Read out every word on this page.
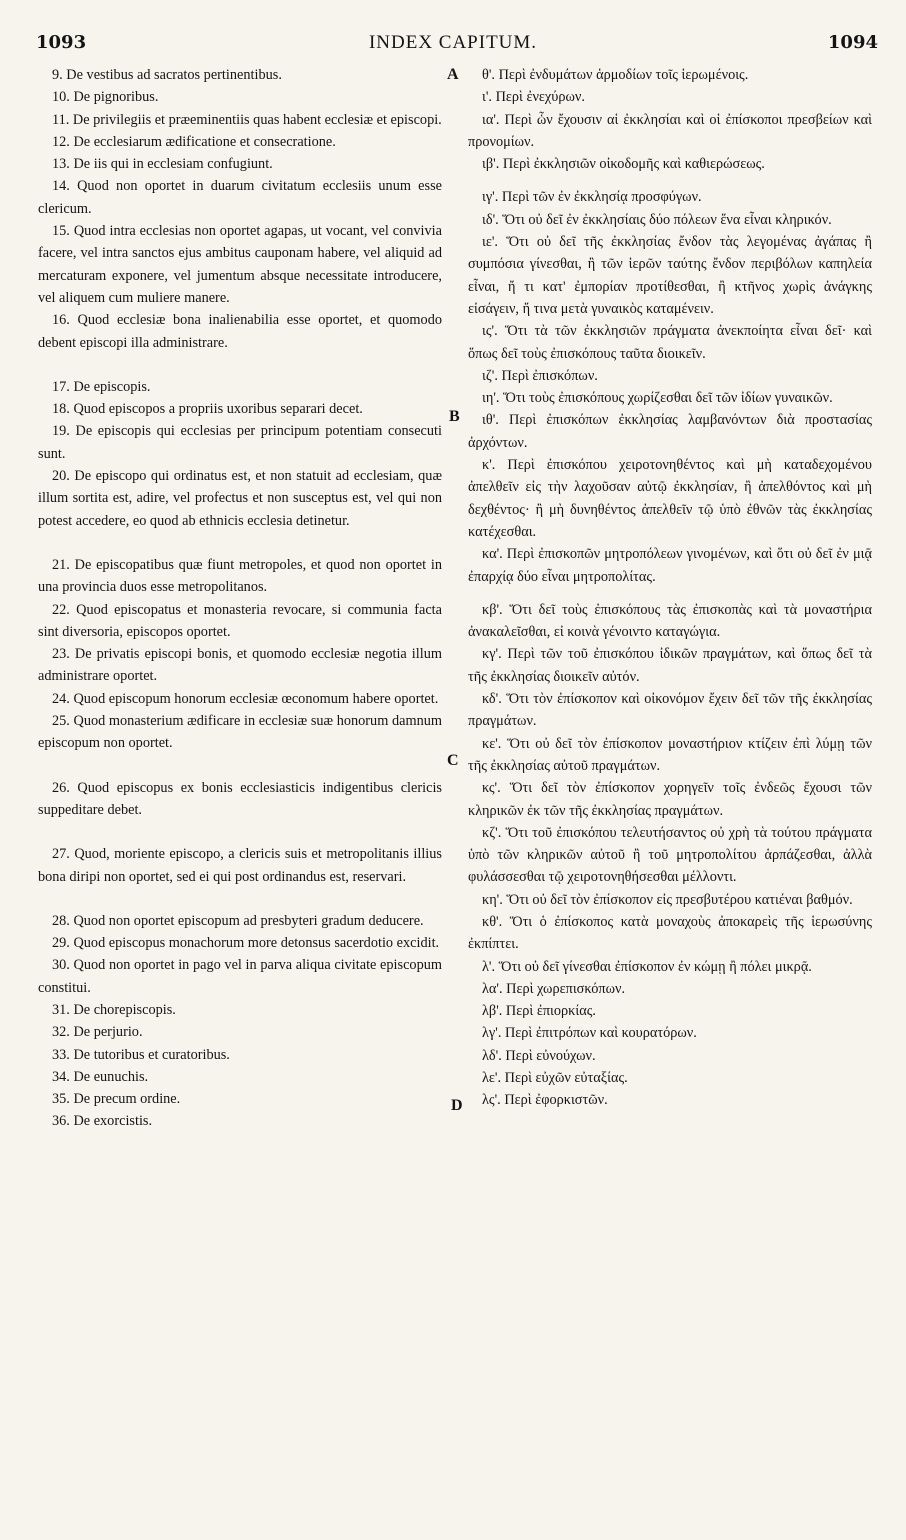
1093	INDEX CAPITUM.	1094
A
B
C
D
9. De vestibus ad sacratos pertinentibus.
10. De pignoribus.
11. De privilegiis et præeminentiis quas habent ecclesiæ et episcopi.
12. De ecclesiarum ædificatione et consecratione.
13. De iis qui in ecclesiam confugiunt.
14. Quod non oportet in duarum civitatum ecclesiis unum esse clericum.
15. Quod intra ecclesias non oportet agapas, ut vocant, vel convivia facere, vel intra sanctos ejus ambitus cauponam habere, vel aliquid ad mercaturam exponere, vel jumentum absque necessitate introducere, vel aliquem cum muliere manere.
16. Quod ecclesiæ bona inalienabilia esse oportet, et quomodo debent episcopi illa administrare.
17. De episcopis.
18. Quod episcopos a propriis uxoribus separari decet.
19. De episcopis qui ecclesias per principum potentiam consecuti sunt.
20. De episcopo qui ordinatus est, et non statuit ad ecclesiam, quæ illum sortita est, adire, vel profectus et non susceptus est, vel qui non potest accedere, eo quod ab ethnicis ecclesia detinetur.
21. De episcopatibus quæ fiunt metropoles, et quod non oportet in una provincia duos esse metropolitanos.
22. Quod episcopatus et monasteria revocare, si communia facta sint diversoria, episcopos oportet.
23. De privatis episcopi bonis, et quomodo ecclesiæ negotia illum administrare oportet.
24. Quod episcopum honorum ecclesiæ œconomum habere oportet.
25. Quod monasterium ædificare in ecclesiæ suæ honorum damnum episcopum non oportet.
26. Quod episcopus ex bonis ecclesiasticis indigentibus clericis suppeditare debet.
27. Quod, moriente episcopo, a clericis suis et metropolitanis illius bona diripi non oportet, sed ei qui post ordinandus est, reservari.
28. Quod non oportet episcopum ad presbyteri gradum deducere.
29. Quod episcopus monachorum more detonsus sacerdotio excidit.
30. Quod non oportet in pago vel in parva aliqua civitate episcopum constitui.
31. De chorepiscopis.
32. De perjurio.
33. De tutoribus et curatoribus.
34. De eunuchis.
35. De precum ordine.
36. De exorcistis.
θ'. Περὶ ἐνδυμάτων ἁρμοδίων τοῖς ἱερωμένοις.
ι'. Περὶ ἐνεχύρων.
ια'. Περὶ ὧν ἔχουσιν αἱ ἐκκλησίαι καὶ οἱ ἐπίσκοποι πρεσβείων καὶ προνομίων.
ιβ'. Περὶ ἐκκλησιῶν οἰκοδομῆς καὶ καθιερώσεως.
ιγ'. Περὶ τῶν ἐν ἐκκλησίᾳ προσφύγων.
ιδ'. Ὅτι οὐ δεῖ ἐν ἐκκλησίαις δύο πόλεων ἕνα εἶναι κληρικόν.
ιε'. Ὅτι οὐ δεῖ τῆς ἐκκλησίας ἔνδον τὰς λεγομένας ἀγάπας ἢ συμπόσια γίνεσθαι, ἢ τῶν ἱερῶν ταύτης ἔνδον περιβόλων καπηλεία εἶναι, ἤ τι κατ' ἐμπορίαν προτίθεσθαι, ἢ κτῆνος χωρὶς ἀνάγκης εἰσάγειν, ἤ τινα μετὰ γυναικὸς καταμένειν.
ις'. Ὅτι τὰ τῶν ἐκκλησιῶν πράγματα ἀνεκποίητα εἶναι δεῖ· καὶ ὅπως δεῖ τοὺς ἐπισκόπους ταῦτα διοικεῖν.
ιζ'. Περὶ ἐπισκόπων.
ιη'. Ὅτι τοὺς ἐπισκόπους χωρίζεσθαι δεῖ τῶν ἰδίων γυναικῶν.
ιθ'. Περὶ ἐπισκόπων ἐκκλησίας λαμβανόντων διὰ προστασίας ἀρχόντων.
κ'. Περὶ ἐπισκόπου χειροτονηθέντος καὶ μὴ καταδεχομένου ἀπελθεῖν εἰς τὴν λαχοῦσαν αὐτῷ ἐκκλησίαν, ἢ ἀπελθόντος καὶ μὴ δεχθέντος· ἢ μὴ δυνηθέντος ἀπελθεῖν τῷ ὑπὸ ἐθνῶν τὰς ἐκκλησίας κατέχεσθαι.
κα'. Περὶ ἐπισκοπῶν μητροπόλεων γινομένων, καὶ ὅτι οὐ δεῖ ἐν μιᾷ ἐπαρχίᾳ δύο εἶναι μητροπολίτας.
κβ'. Ὅτι δεῖ τοὺς ἐπισκόπους τὰς ἐπισκοπὰς καὶ τὰ μοναστήρια ἀνακαλεῖσθαι, εἰ κοινὰ γένοιντο καταγώγια.
κγ'. Περὶ τῶν τοῦ ἐπισκόπου ἰδικῶν πραγμάτων, καὶ ὅπως δεῖ τὰ τῆς ἐκκλησίας διοικεῖν αὐτόν.
κδ'. Ὅτι τὸν ἐπίσκοπον καὶ οἰκονόμον ἔχειν δεῖ τῶν τῆς ἐκκλησίας πραγμάτων.
κε'. Ὅτι οὐ δεῖ τὸν ἐπίσκοπον μοναστήριον κτίζειν ἐπὶ λύμῃ τῶν τῆς ἐκκλησίας αὐτοῦ πραγμάτων.
κς'. Ὅτι δεῖ τὸν ἐπίσκοπον χορηγεῖν τοῖς ἐνδεῶς ἔχουσι τῶν κληρικῶν ἐκ τῶν τῆς ἐκκλησίας πραγμάτων.
κζ'. Ὅτι τοῦ ἐπισκόπου τελευτήσαντος οὐ χρὴ τὰ τούτου πράγματα ὑπὸ τῶν κληρικῶν αὐτοῦ ἢ τοῦ μητροπολίτου ἁρπάζεσθαι, ἀλλὰ φυλάσσεσθαι τῷ χειροτονηθήσεσθαι μέλλοντι.
κη'. Ὅτι οὐ δεῖ τὸν ἐπίσκοπον εἰς πρεσβυτέρου κατιέναι βαθμόν.
κθ'. Ὅτι ὁ ἐπίσκοπος κατὰ μοναχοὺς ἀποκαρεὶς τῆς ἱερωσύνης ἐκπίπτει.
λ'. Ὅτι οὐ δεῖ γίνεσθαι ἐπίσκοπον ἐν κώμῃ ἢ πόλει μικρᾷ.
λα'. Περὶ χωρεπισκόπων.
λβ'. Περὶ ἐπιορκίας.
λγ'. Περὶ ἐπιτρόπων καὶ κουρατόρων.
λδ'. Περὶ εὐνούχων.
λε'. Περὶ εὐχῶν εὐταξίας.
λς'. Περὶ ἐφορκιστῶν.
